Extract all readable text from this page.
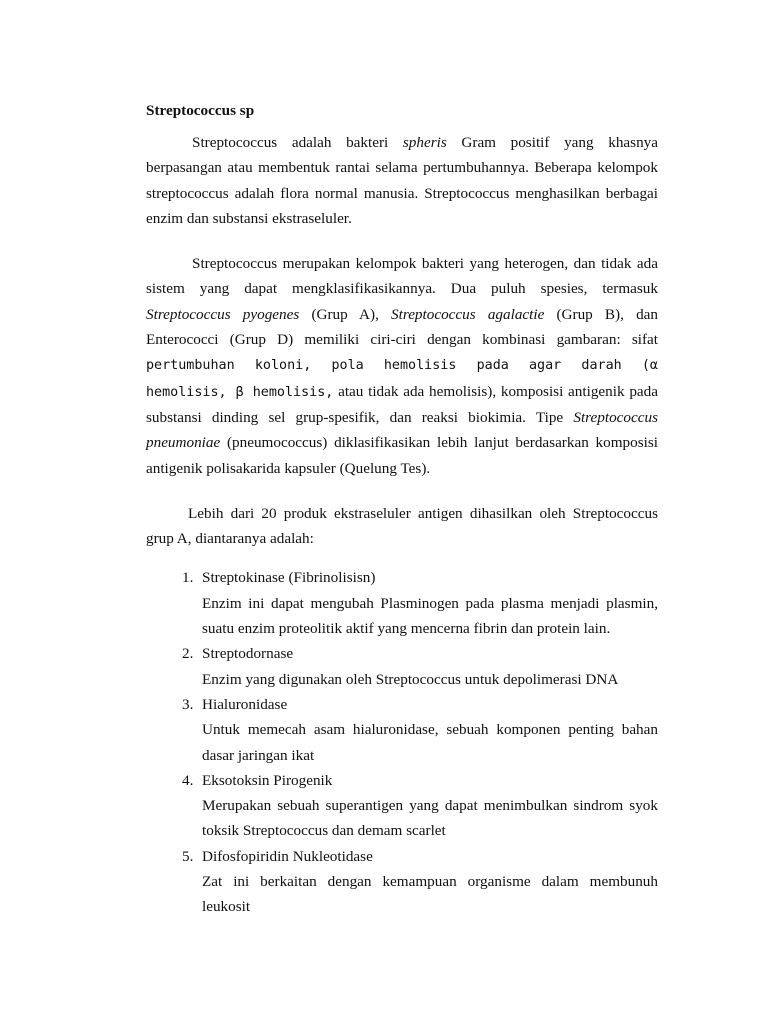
Streptococcus sp

Streptococcus adalah bakteri spheris Gram positif yang khasnya berpasangan atau membentuk rantai selama pertumbuhannya. Beberapa kelompok streptococcus adalah flora normal manusia. Streptococcus menghasilkan berbagai enzim dan substansi ekstraseluler.

Streptococcus merupakan kelompok bakteri yang heterogen, dan tidak ada sistem yang dapat mengklasifikasikannya. Dua puluh spesies, termasuk Streptococcus pyogenes (Grup A), Streptococcus agalactie (Grup B), dan Enterococci (Grup D) memiliki ciri-ciri dengan kombinasi gambaran: sifat pertumbuhan koloni, pola hemolisis pada agar darah (α hemolisis, β hemolisis, atau tidak ada hemolisis), komposisi antigenik pada substansi dinding sel grup-spesifik, dan reaksi biokimia. Tipe Streptococcus pneumoniae (pneumococcus) diklasifikasikan lebih lanjut berdasarkan komposisi antigenik polisakarida kapsuler (Quelung Tes).

Lebih dari 20 produk ekstraseluler antigen dihasilkan oleh Streptococcus grup A, diantaranya adalah:

1. Streptokinase (Fibrinolisisn)
Enzim ini dapat mengubah Plasminogen pada plasma menjadi plasmin, suatu enzim proteolitik aktif yang mencerna fibrin dan protein lain.
2. Streptodornase
Enzim yang digunakan oleh Streptococcus untuk depolimerasi DNA
3. Hialuronidase
Untuk memecah asam hialuronidase, sebuah komponen penting bahan dasar jaringan ikat
4. Eksotoksin Pirogenik
Merupakan sebuah superantigen yang dapat menimbulkan sindrom syok toksik Streptococcus dan demam scarlet
5. Difosfopiridin Nukleotidase
Zat ini berkaitan dengan kemampuan organisme dalam membunuh leukosit
